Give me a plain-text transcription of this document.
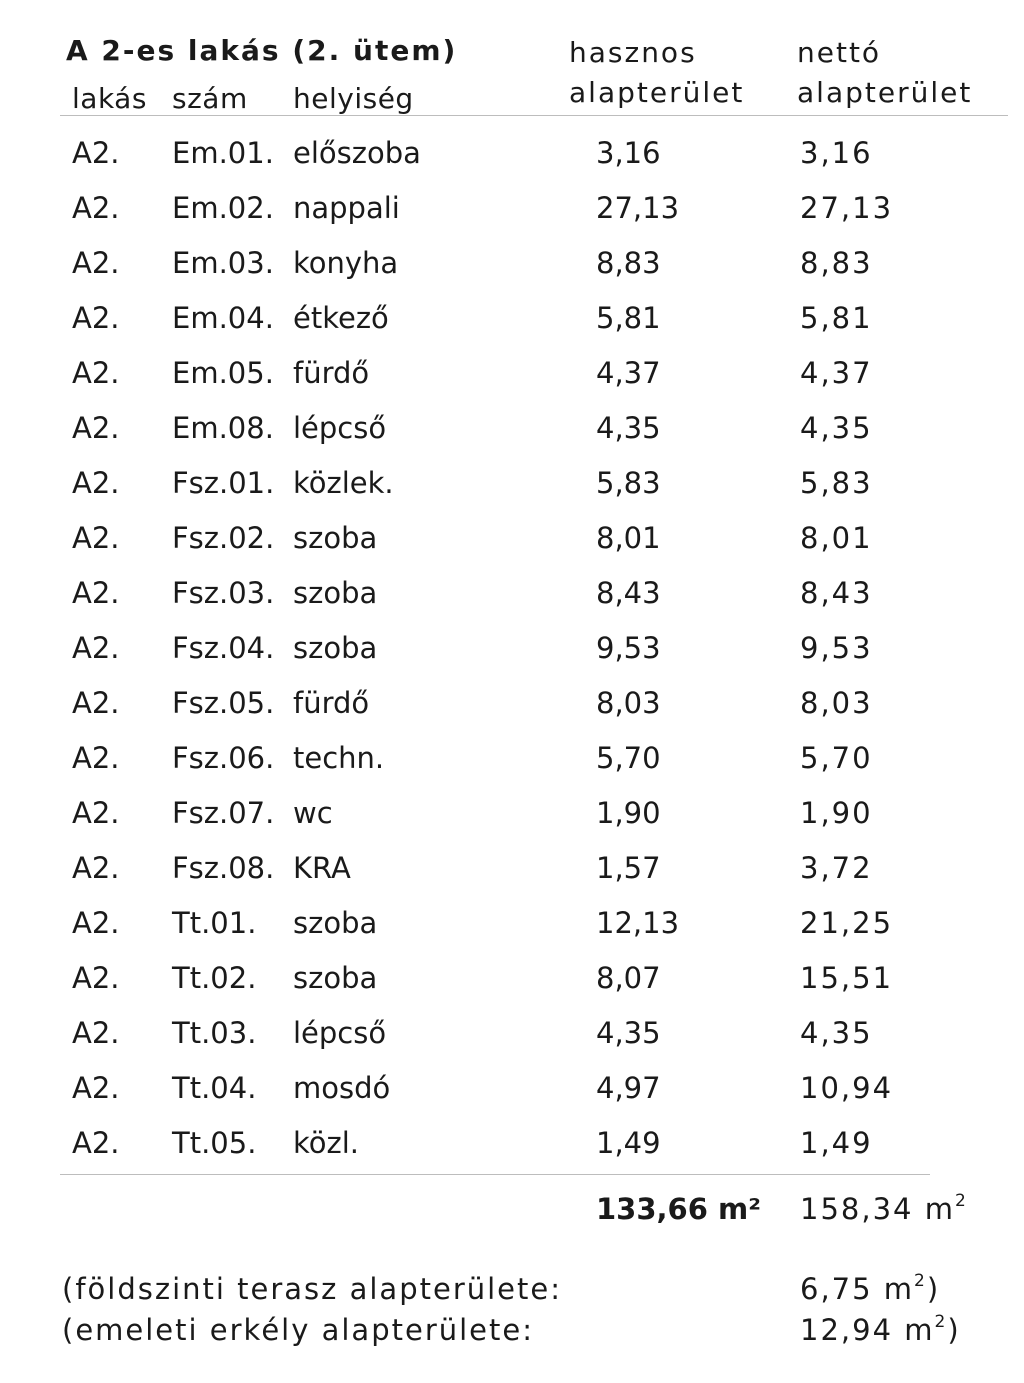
A 2-es lakás (2. ütem)	hasznos
alapterület
nettó
alapterület
lakás szám helyiség
A2. Em.01. előszoba	3,16	3,16
A2. Em.02. nappali	27,13	27,13
A2. Em.03. konyha	8,83	8,83
A2. Em.04. étkező	5,81	5,81
A2. Em.05. fürdő	4,37	4,37
A2. Em.08. lépcső	4,35	4,35
A2. Fsz.01. közlek.	5,83	5,83
A2. Fsz.02. szoba	8,01	8,01
A2. Fsz.03. szoba	8,43	8,43
A2. Fsz.04. szoba	9,53	9,53
A2. Fsz.05. fürdő	8,03	8,03
A2. Fsz.06. techn.	5,70	5,70
A2. Fsz.07. wc	1,90	1,90
A2. Fsz.08. KRA	1,57	3,72
A2. Tt.01. szoba	12,13	21,25
A2. Tt.02. szoba	8,07	15,51
A2. Tt.03. lépcső	4,35	4,35
A2. Tt.04. mosdó	4,97	10,94
A2. Tt.05. közl.	1,49	1,49
133,66 m² 158,34 $m^2$
(földszinti terasz alapterülete:	6,75 $m^2$)
(emeleti erkély alapterülete:	12,94 $m^2$)
